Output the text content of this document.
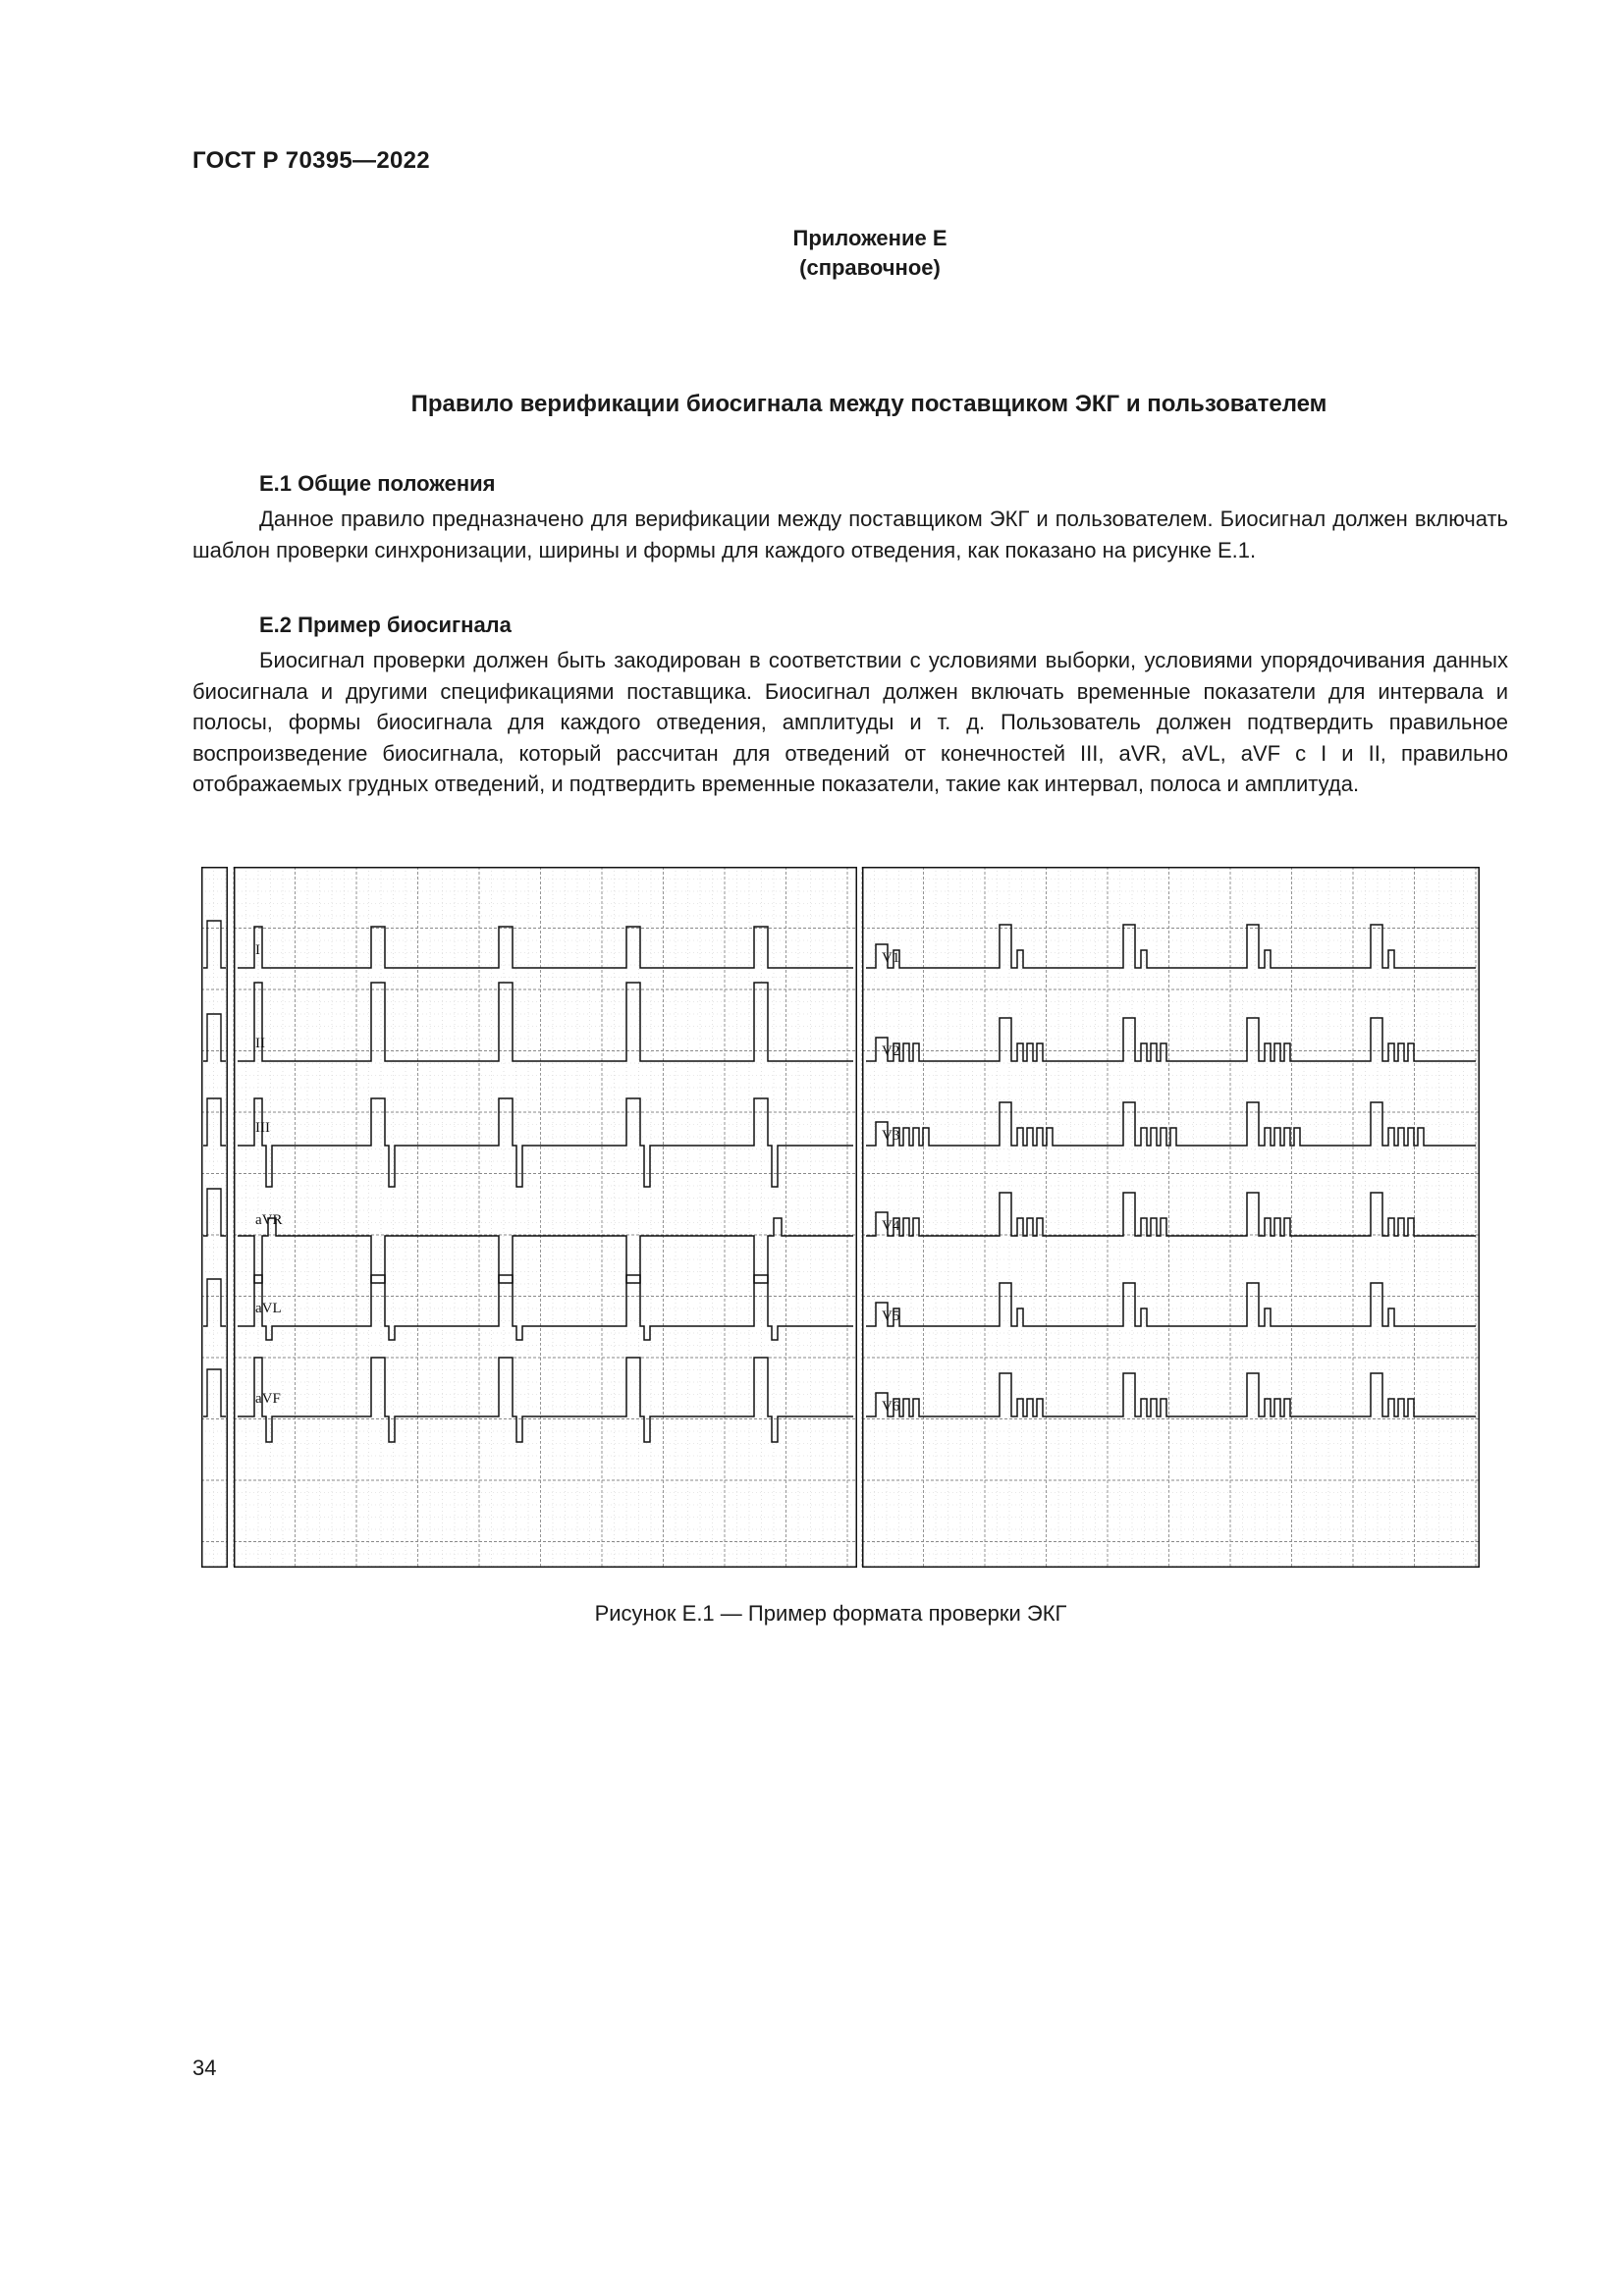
ГОСТ Р 70395—2022
Приложение Е
(справочное)
Правило верификации биосигнала между поставщиком ЭКГ и пользователем
Е.1 Общие положения

Данное правило предназначено для верификации между поставщиком ЭКГ и пользователем. Биосигнал должен включать шаблон проверки синхронизации, ширины и формы для каждого отведения, как показано на рисунке Е.1.

Е.2 Пример биосигнала

Биосигнал проверки должен быть закодирован в соответствии с условиями выборки, условиями упорядочивания данных биосигнала и другими спецификациями поставщика. Биосигнал должен включать временные показатели для интервала и полосы, формы биосигнала для каждого отведения, амплитуды и т. д. Пользователь должен подтвердить правильное воспроизведение биосигнала, который рассчитан для отведений от конечностей III, aVR, aVL, aVF с I и II, правильно отображаемых грудных отведений, и подтвердить временные показатели, такие как интервал, полоса и амплитуда.

I
II
III
aVR
aVL
aVF
V1
V2
V3
V4
V5
V6
Рисунок Е.1 — Пример формата проверки ЭКГ
34
